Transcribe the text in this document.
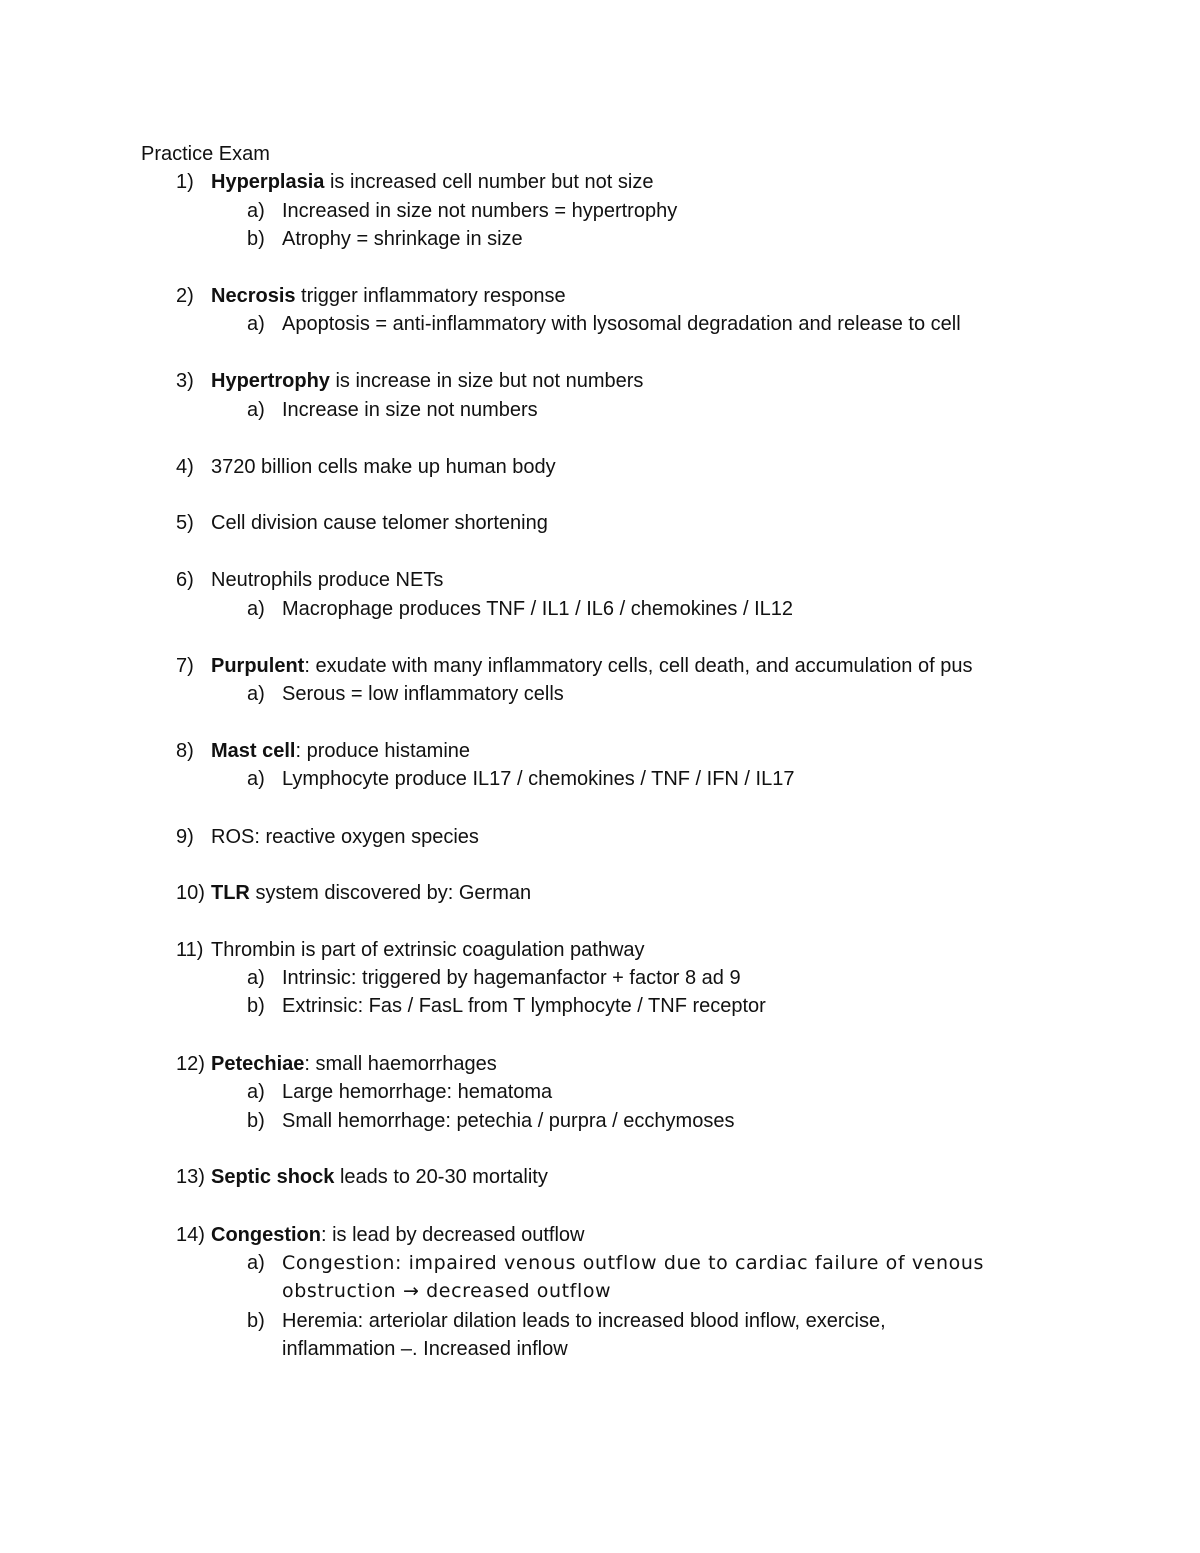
Practice Exam
1) Hyperplasia is increased cell number but not size
a) Increased in size not numbers = hypertrophy
b) Atrophy = shrinkage in size
2) Necrosis trigger inflammatory response
a) Apoptosis = anti-inflammatory with lysosomal degradation and release to cell
3) Hypertrophy is increase in size but not numbers
a) Increase in size not numbers
4) 3720 billion cells make up human body
5) Cell division cause telomer shortening
6) Neutrophils produce NETs
a) Macrophage produces TNF / IL1 / IL6 / chemokines / IL12
7) Purpulent: exudate with many inflammatory cells, cell death, and accumulation of pus
a) Serous = low inflammatory cells
8) Mast cell: produce histamine
a) Lymphocyte produce IL17 / chemokines / TNF / IFN / IL17
9) ROS: reactive oxygen species
10) TLR system discovered by: German
11) Thrombin is part of extrinsic coagulation pathway
a) Intrinsic: triggered by hagemanfactor + factor 8 ad 9
b) Extrinsic: Fas / FasL from T lymphocyte / TNF receptor
12) Petechiae: small haemorrhages
a) Large hemorrhage: hematoma
b) Small hemorrhage: petechia / purpra / ecchymoses
13) Septic shock leads to 20-30 mortality
14) Congestion: is lead by decreased outflow
a) Congestion: impaired venous outflow due to cardiac failure of venous obstruction → decreased outflow
b) Heremia: arteriolar dilation leads to increased blood inflow, exercise, inflammation –. Increased inflow
